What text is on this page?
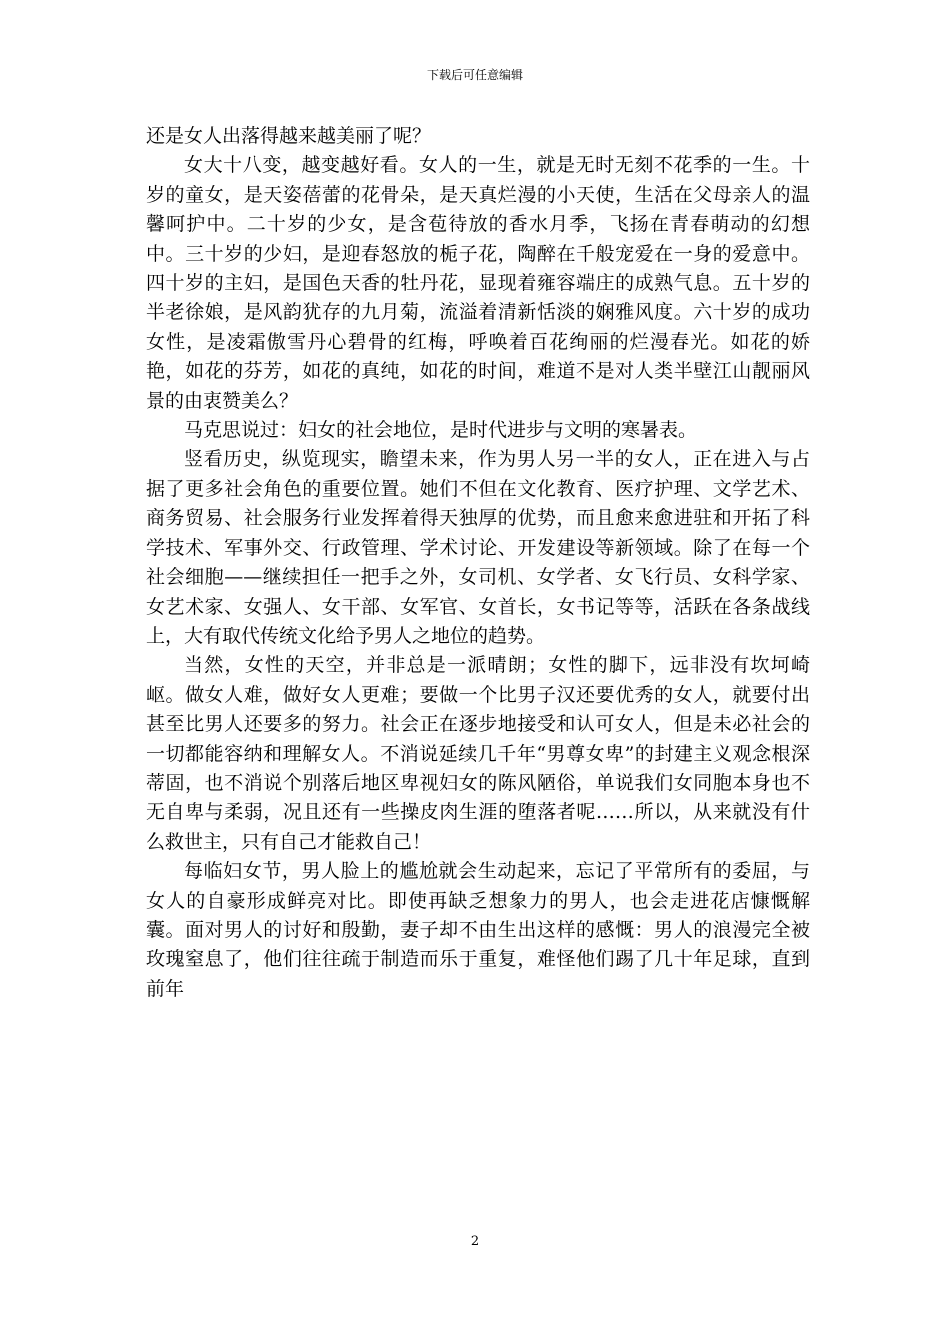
下载后可任意编辑

还是女人出落得越来越美丽了呢？

女大十八变，越变越好看。女人的一生，就是无时无刻不花季的一生。十岁的童女，是天姿蓓蕾的花骨朵，是天真烂漫的小天使，生活在父母亲人的温馨呵护中。二十岁的少女，是含苞待放的香水月季，飞扬在青春萌动的幻想中。三十岁的少妇，是迎春怒放的栀子花，陶醉在千般宠爱在一身的爱意中。四十岁的主妇，是国色天香的牡丹花，显现着雍容端庄的成熟气息。五十岁的半老徐娘，是风韵犹存的九月菊，流溢着清新恬淡的娴雅风度。六十岁的成功女性，是凌霜傲雪丹心碧骨的红梅，呼唤着百花绚丽的烂漫春光。如花的娇艳，如花的芬芳，如花的真纯，如花的时间，难道不是对人类半壁江山靓丽风景的由衷赞美么？

马克思说过：妇女的社会地位，是时代进步与文明的寒暑表。

竖看历史，纵览现实，瞻望未来，作为男人另一半的女人，正在进入与占据了更多社会角色的重要位置。她们不但在文化教育、医疗护理、文学艺术、商务贸易、社会服务行业发挥着得天独厚的优势，而且愈来愈进驻和开拓了科学技术、军事外交、行政管理、学术讨论、开发建设等新领域。除了在每一个社会细胞——继续担任一把手之外，女司机、女学者、女飞行员、女科学家、女艺术家、女强人、女干部、女军官、女首长，女书记等等，活跃在各条战线上，大有取代传统文化给予男人之地位的趋势。

当然，女性的天空，并非总是一派晴朗；女性的脚下，远非没有坎坷崎岖。做女人难，做好女人更难；要做一个比男子汉还要优秀的女人，就要付出甚至比男人还要多的努力。社会正在逐步地接受和认可女人，但是未必社会的一切都能容纳和理解女人。不消说延续几千年“男尊女卑”的封建主义观念根深蒂固，也不消说个别落后地区卑视妇女的陈风陋俗，单说我们女同胞本身也不无自卑与柔弱，况且还有一些操皮肉生涯的堕落者呢……所以，从来就没有什么救世主，只有自己才能救自己！

每临妇女节，男人脸上的尴尬就会生动起来，忘记了平常所有的委屈，与女人的自豪形成鲜亮对比。即使再缺乏想象力的男人，也会走进花店慷慨解囊。面对男人的讨好和殷勤，妻子却不由生出这样的感慨：男人的浪漫完全被玫瑰窒息了，他们往往疏于制造而乐于重复，难怪他们踢了几十年足球，直到前年

2
